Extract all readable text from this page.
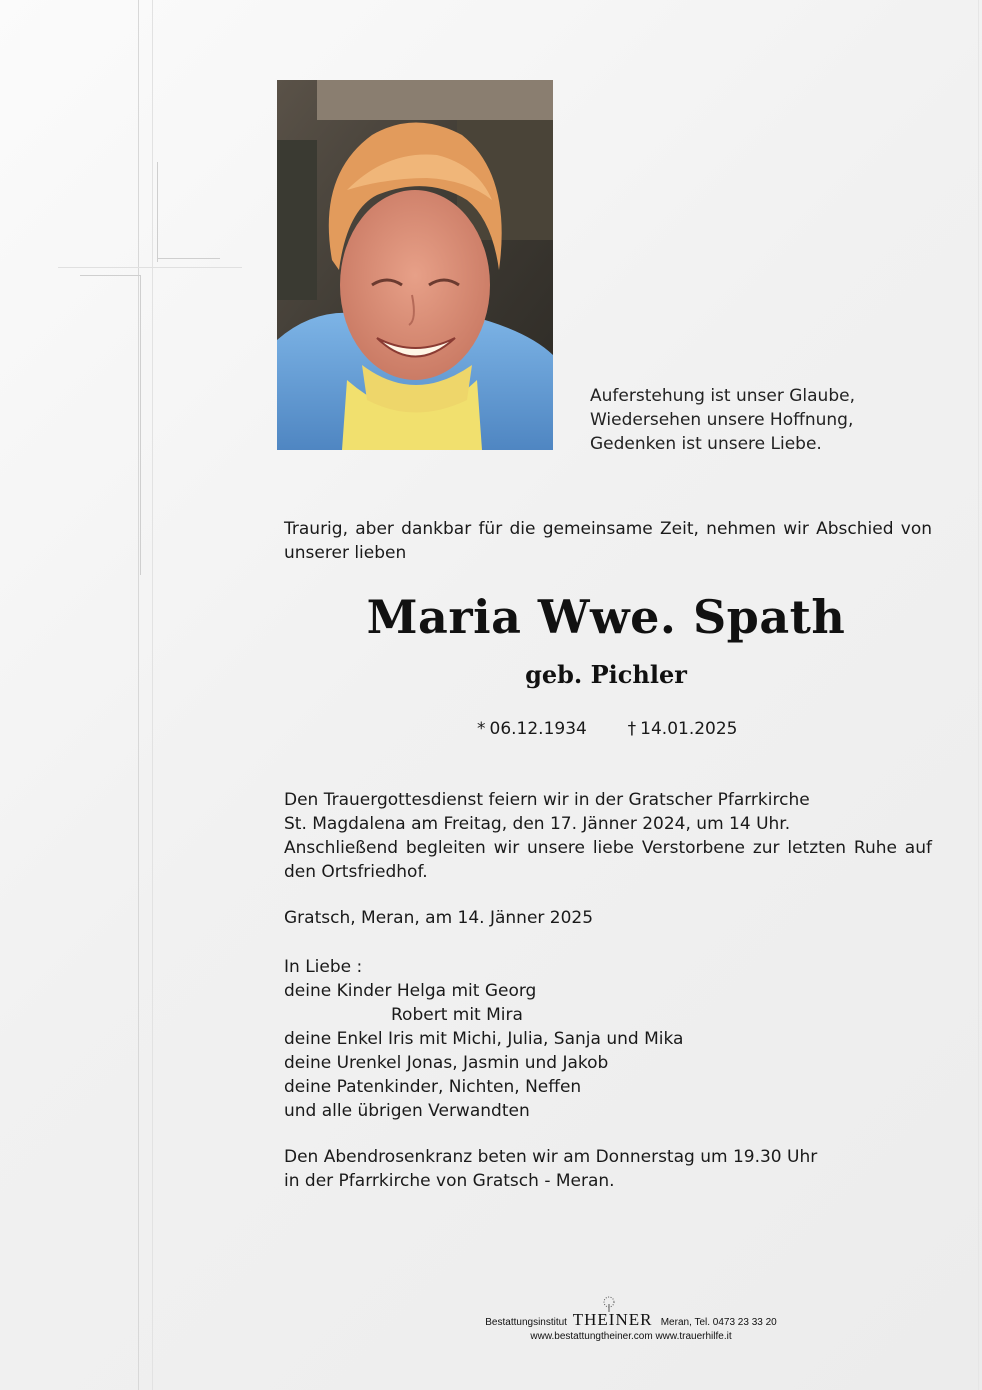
Auferstehung ist unser Glaube,
Wiedersehen unsere Hoffnung,
Gedenken ist unsere Liebe.
Traurig, aber dankbar für die gemeinsame Zeit, nehmen wir Abschied von unserer lieben
Maria Wwe. Spath
geb. Pichler
* 06.12.1934 † 14.01.2025
Den Trauergottesdienst feiern wir in der Gratscher Pfarrkirche
St. Magdalena am Freitag, den 17. Jänner 2024, um 14 Uhr.
Anschließend begleiten wir unsere liebe Verstorbene zur letzten Ruhe auf den Ortsfriedhof.
Gratsch, Meran, am 14. Jänner 2025
In Liebe :
deine Kinder Helga mit Georg
Robert mit Mira
deine Enkel Iris mit Michi, Julia, Sanja und Mika
deine Urenkel Jonas, Jasmin und Jakob
deine Patenkinder, Nichten, Neffen
und alle übrigen Verwandten
Den Abendrosenkranz beten wir am Donnerstag um 19.30 Uhr
in der Pfarrkirche von Gratsch - Meran.
Bestattungsinstitut THEINER Meran, Tel. 0473 23 33 20
www.bestattungtheiner.com www.trauerhilfe.it
